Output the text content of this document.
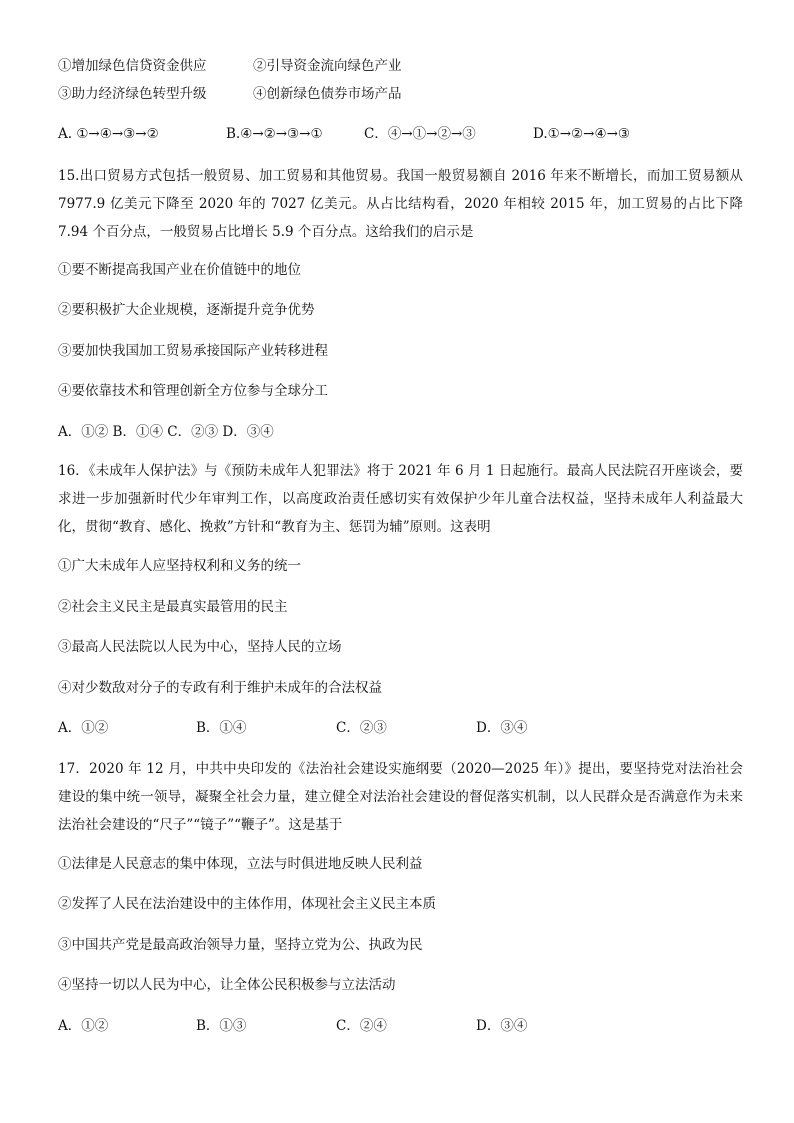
①增加绿色信贷资金供应	②引导资金流向绿色产业
③助力经济绿色转型升级	④创新绿色债券市场产品
A. ①→④→③→②	B.④→②→③→①	C．④→①→②→③	D.①→②→④→③
15.出口贸易方式包括一般贸易、加工贸易和其他贸易。我国一般贸易额自 2016 年来不断增长，而加工贸易额从 7977.9 亿美元下降至 2020 年的 7027 亿美元。从占比结构看，2020 年相较 2015 年，加工贸易的占比下降 7.94 个百分点，一般贸易占比增长 5.9 个百分点。这给我们的启示是
①要不断提高我国产业在价值链中的地位
②要积极扩大企业规模，逐渐提升竞争优势
③要加快我国加工贸易承接国际产业转移进程
④要依靠技术和管理创新全方位参与全球分工
A．①② B．①④ C．②③ D．③④
16．《未成年人保护法》与《预防未成年人犯罪法》将于 2021 年 6 月 1 日起施行。最高人民法院召开座谈会，要求进一步加强新时代少年审判工作，以高度政治责任感切实有效保护少年儿童合法权益，坚持未成年人利益最大化，贯彻“教育、感化、挽救”方针和“教育为主、惩罚为辅”原则。这表明
①广大未成年人应坚持权利和义务的统一
②社会主义民主是最真实最管用的民主
③最高人民法院以人民为中心，坚持人民的立场
④对少数敌对分子的专政有利于维护未成年的合法权益
A．①②	B．①④	C．②③	D．③④
17．2020 年 12 月，中共中央印发的《法治社会建设实施纲要（2020—2025 年）》提出，要坚持党对法治社会建设的集中统一领导，凝聚全社会力量，建立健全对法治社会建设的督促落实机制，以人民群众是否满意作为未来法治社会建设的“尺子”“镜子”“鞭子”。这是基于
①法律是人民意志的集中体现，立法与时俱进地反映人民利益
②发挥了人民在法治建设中的主体作用，体现社会主义民主本质
③中国共产党是最高政治领导力量，坚持立党为公、执政为民
④坚持一切以人民为中心，让全体公民积极参与立法活动
A．①②	B．①③	C．②④	D．③④
